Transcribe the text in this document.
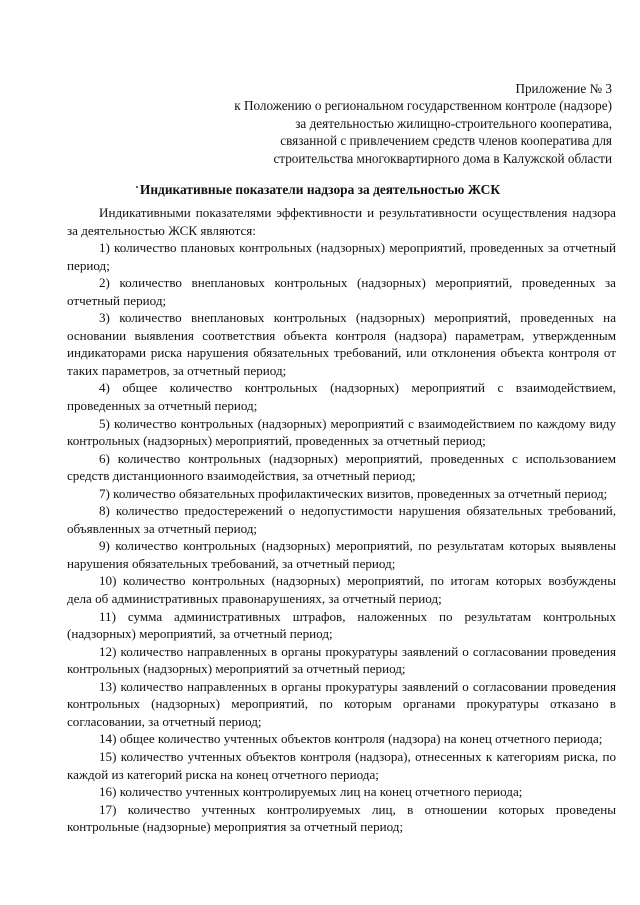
Приложение № 3
к Положению о региональном государственном контроле (надзоре)
за деятельностью жилищно-строительного кооператива,
связанной с привлечением средств членов кооператива для
строительства многоквартирного дома в Калужской области
Индикативные показатели надзора за деятельностью ЖСК

Индикативными показателями эффективности и результативности осуществления надзора за деятельностью ЖСК являются:

1) количество плановых контрольных (надзорных) мероприятий, проведенных за отчетный период;

2) количество внеплановых контрольных (надзорных) мероприятий, проведенных за отчетный период;

3) количество внеплановых контрольных (надзорных) мероприятий, проведенных на основании выявления соответствия объекта контроля (надзора) параметрам, утвержденным индикаторами риска нарушения обязательных требований, или отклонения объекта контроля от таких параметров, за отчетный период;

4) общее количество контрольных (надзорных) мероприятий с взаимодействием, проведенных за отчетный период;

5) количество контрольных (надзорных) мероприятий с взаимодействием по каждому виду контрольных (надзорных) мероприятий, проведенных за отчетный период;

6) количество контрольных (надзорных) мероприятий, проведенных с использованием средств дистанционного взаимодействия, за отчетный период;

7) количество обязательных профилактических визитов, проведенных за отчетный период;

8) количество предостережений о недопустимости нарушения обязательных требований, объявленных за отчетный период;

9) количество контрольных (надзорных) мероприятий, по результатам которых выявлены нарушения обязательных требований, за отчетный период;

10) количество контрольных (надзорных) мероприятий, по итогам которых возбуждены дела об административных правонарушениях, за отчетный период;

11) сумма административных штрафов, наложенных по результатам контрольных (надзорных) мероприятий, за отчетный период;

12) количество направленных в органы прокуратуры заявлений о согласовании проведения контрольных (надзорных) мероприятий за отчетный период;

13) количество направленных в органы прокуратуры заявлений о согласовании проведения контрольных (надзорных) мероприятий, по которым органами прокуратуры отказано в согласовании, за отчетный период;

14) общее количество учтенных объектов контроля (надзора) на конец отчетного периода;

15) количество учтенных объектов контроля (надзора), отнесенных к категориям риска, по каждой из категорий риска на конец отчетного периода;

16) количество учтенных контролируемых лиц на конец отчетного периода;

17) количество учтенных контролируемых лиц, в отношении которых проведены контрольные (надзорные) мероприятия за отчетный период;
